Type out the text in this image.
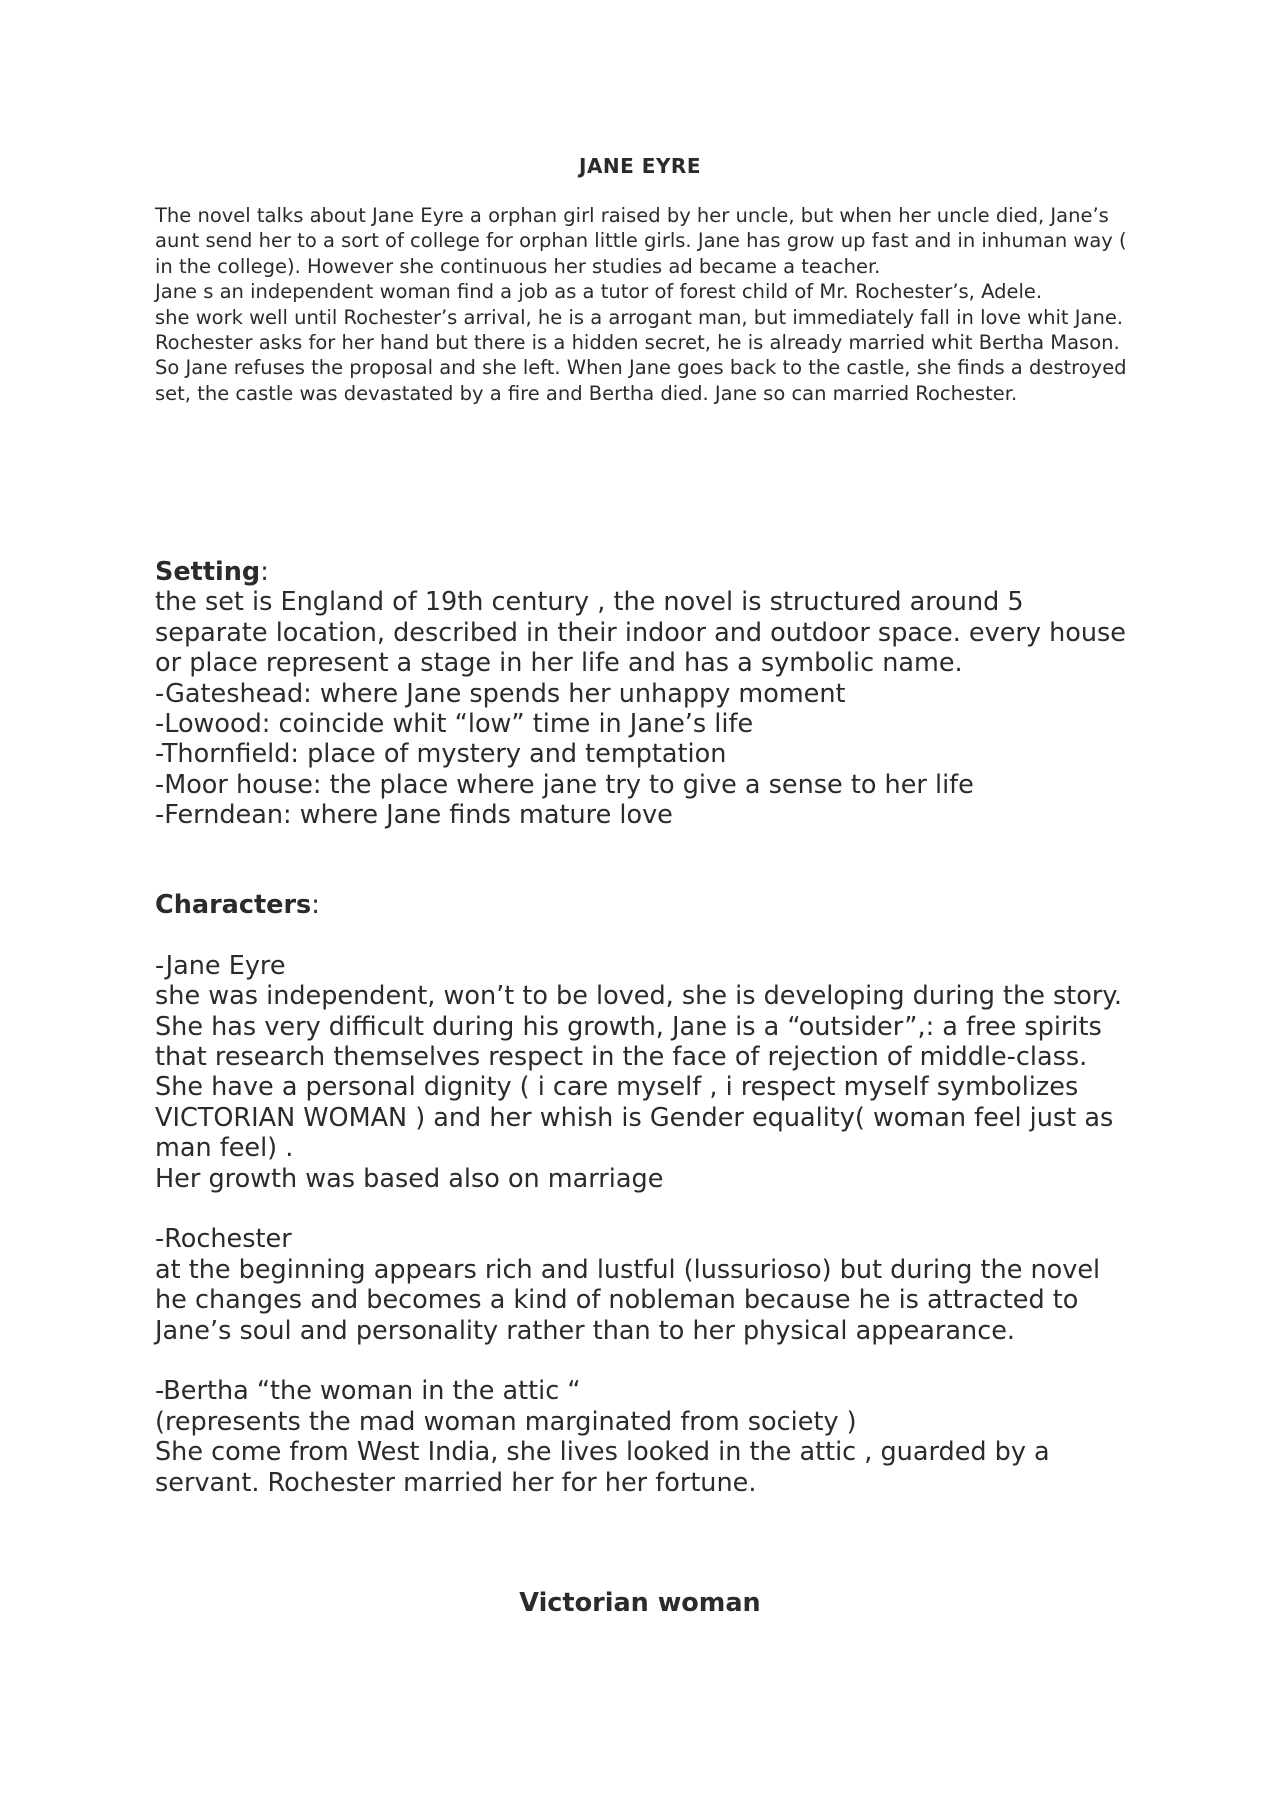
JANE EYRE

The novel talks about Jane Eyre a orphan girl raised by her uncle, but when her uncle died, Jane’s aunt send her to a sort of college for orphan little girls. Jane has grow up fast and in inhuman way ( in the college). However she continuous her studies ad became a teacher.

Jane s an independent woman find a job as a tutor of forest child of Mr. Rochester’s, Adele.

she work well until Rochester’s arrival, he is a arrogant man, but immediately fall in love whit Jane.

Rochester asks for her hand but there is a hidden secret, he is already married whit Bertha Mason.

So Jane refuses the proposal and she left. When Jane goes back to the castle, she finds a destroyed set, the castle was devastated by a fire and Bertha died. Jane so can married Rochester.

Setting:

the set is England of 19th century , the novel is structured around 5 separate location, described in their indoor and outdoor space. every house or place represent a stage in her life and has a symbolic name.

-Gateshead: where Jane spends her unhappy moment

-Lowood: coincide whit “low” time in Jane’s life

-Thornfield: place of mystery and temptation

-Moor house: the place where jane try to give a sense to her life

-Ferndean: where Jane finds mature love

Characters:

-Jane Eyre

she was independent, won’t to be loved, she is developing during the story. She has very difficult during his growth, Jane is a “outsider”,: a free spirits that research themselves respect in the face of rejection of middle-class.

She have a personal dignity ( i care myself , i respect myself symbolizes VICTORIAN WOMAN ) and her whish is Gender equality( woman feel just as man feel) .

Her growth was based also on marriage

-Rochester

at the beginning appears rich and lustful (lussurioso) but during the novel he changes and becomes a kind of nobleman because he is attracted to Jane’s soul and personality rather than to her physical appearance.

-Bertha “the woman in the attic “

(represents the mad woman marginated from society )

She come from West India, she lives looked in the attic , guarded by a servant. Rochester married her for her fortune.

Victorian woman
